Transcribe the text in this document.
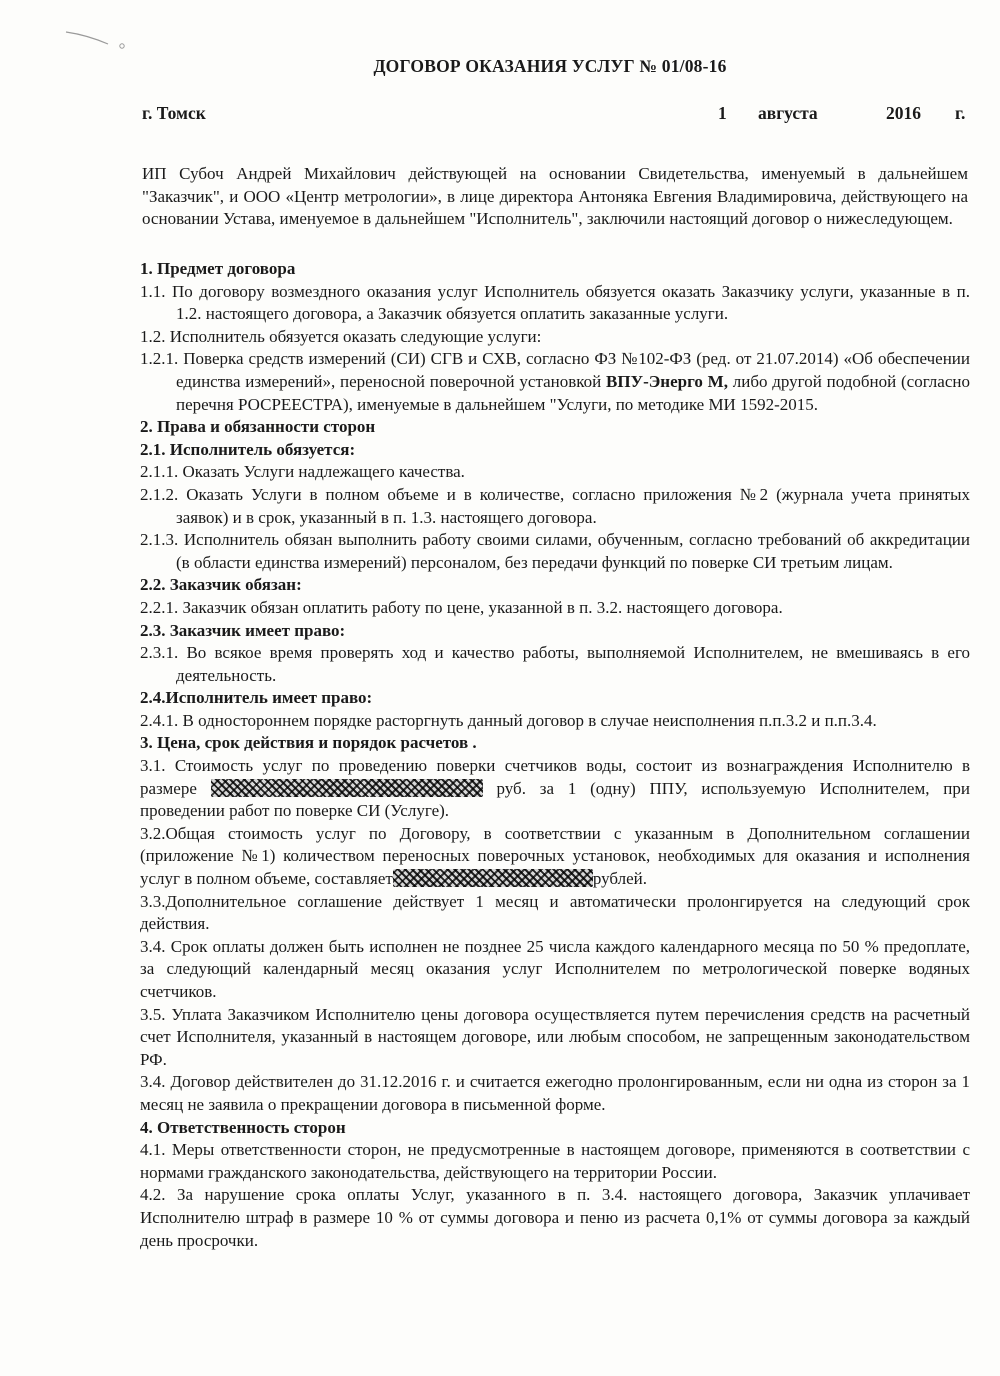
ДОГОВОР ОКАЗАНИЯ УСЛУГ № 01/08-16
г. Томск	1 августа	2016 г.

ИП Субоч Андрей Михайлович действующей на основании Свидетельства, именуемый в дальнейшем "Заказчик", и ООО «Центр метрологии», в лице директора Антоняка Евгения Владимировича, действующего на основании Устава, именуемое в дальнейшем "Исполнитель", заключили настоящий договор о нижеследующем.

1. Предмет договора

1.1. По договору возмездного оказания услуг Исполнитель обязуется оказать Заказчику услуги, указанные в п. 1.2. настоящего договора, а Заказчик обязуется оплатить заказанные услуги.

1.2. Исполнитель обязуется оказать следующие услуги:

1.2.1. Поверка средств измерений (СИ) СГВ и СХВ, согласно ФЗ №102-ФЗ (ред. от 21.07.2014) «Об обеспечении единства измерений», переносной поверочной установкой ВПУ-Энерго М, либо другой подобной (согласно перечня РОСРЕЕСТРА), именуемые в дальнейшем "Услуги, по методике МИ 1592-2015.

2. Права и обязанности сторон

2.1. Исполнитель обязуется:

2.1.1. Оказать Услуги надлежащего качества.

2.1.2. Оказать Услуги в полном объеме и в количестве, согласно приложения №2 (журнала учета принятых заявок) и в срок, указанный в п. 1.3. настоящего договора.

2.1.3. Исполнитель обязан выполнить работу своими силами, обученным, согласно требований об аккредитации (в области единства измерений) персоналом, без передачи функций по поверке СИ третьим лицам.

2.2. Заказчик обязан:

2.2.1. Заказчик обязан оплатить работу по цене, указанной в п. 3.2. настоящего договора.

2.3. Заказчик имеет право:

2.3.1. Во всякое время проверять ход и качество работы, выполняемой Исполнителем, не вмешиваясь в его деятельность.

2.4.Исполнитель имеет право:

2.4.1. В одностороннем порядке расторгнуть данный договор в случае неисполнения п.п.3.2 и п.п.3.4.

3. Цена, срок действия и порядок расчетов .

3.1. Стоимость услуг по проведению поверки счетчиков воды, состоит из вознаграждения Исполнителю в размере	руб. за 1 (одну) ППУ, используемую Исполнителем, при проведении работ по поверке СИ (Услуге).

3.2.Общая стоимость услуг по Договору, в соответствии с указанным в Дополнительном соглашении (приложение №1) количеством переносных поверочных установок, необходимых для оказания и исполнения услуг в полном объеме, составляет	рублей.

3.3.Дополнительное соглашение действует 1 месяц и автоматически пролонгируется на следующий срок действия.

3.4. Срок оплаты должен быть исполнен не позднее 25 числа каждого календарного месяца по 50 % предоплате, за следующий календарный месяц оказания услуг Исполнителем по метрологической поверке водяных счетчиков.

3.5. Уплата Заказчиком Исполнителю цены договора осуществляется путем перечисления средств на расчетный счет Исполнителя, указанный в настоящем договоре, или любым способом, не запрещенным законодательством РФ.

3.4. Договор действителен до 31.12.2016 г. и считается ежегодно пролонгированным, если ни одна из сторон за 1 месяц не заявила о прекращении договора в письменной форме.

4. Ответственность сторон

4.1. Меры ответственности сторон, не предусмотренные в настоящем договоре, применяются в соответствии с нормами гражданского законодательства, действующего на территории России.

4.2. За нарушение срока оплаты Услуг, указанного в п. 3.4. настоящего договора, Заказчик уплачивает Исполнителю штраф в размере 10 % от суммы договора и пеню из расчета 0,1% от суммы договора за каждый день просрочки.
